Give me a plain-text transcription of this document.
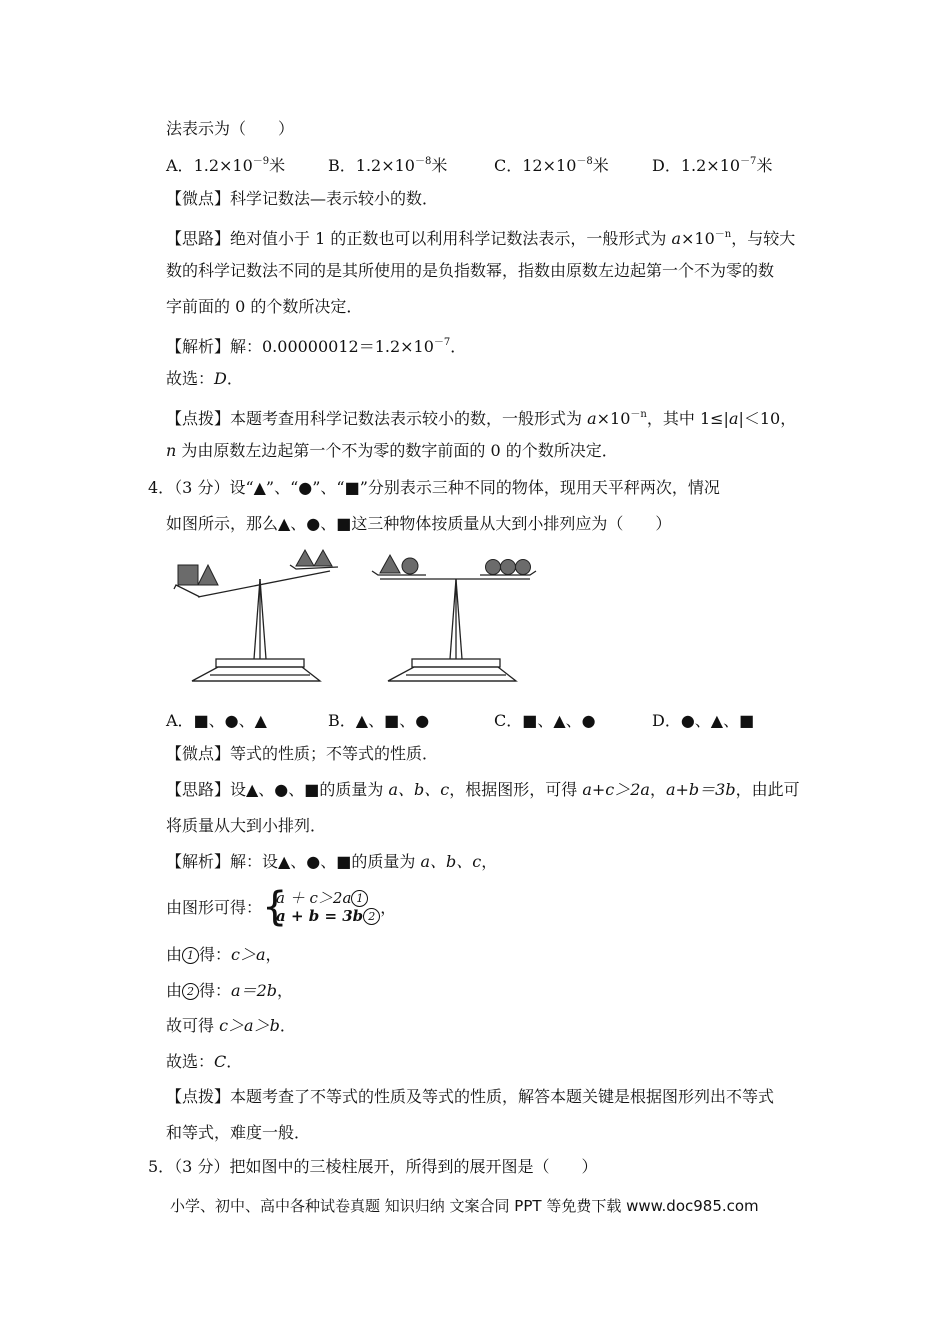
法表示为（　　）
A．$1.2\times 10^{-9}$米	B．$1.2\times 10^{-8}$米	C．$12\times 10^{-8}$米	D．$1.2\times 10^{-7}$米
【微点】科学记数法—表示较小的数．
【思路】绝对值小于 1 的正数也可以利用科学记数法表示，一般形式为 $a\times 10^{-n}$，与较大
数的科学记数法不同的是其所使用的是负指数幂，指数由原数左边起第一个不为零的数
字前面的 0 的个数所决定．
【解析】解：$0.00000012=1.2\times 10^{-7}$．
故选：D．
【点拨】本题考查用科学记数法表示较小的数，一般形式为 $a\times 10^{-n}$，其中 1≤|a|＜10，
n 为由原数左边起第一个不为零的数字前面的 0 的个数所决定．
4．（3 分）设“▲”、“●”、“■”分别表示三种不同的物体，现用天平秤两次，情况
如图所示，那么▲、●、■这三种物体按质量从大到小排列应为（　　）
A．■、●、▲	B．▲、■、●	C．■、▲、●	D．●、▲、■
【微点】等式的性质；不等式的性质．
【思路】设▲、●、■的质量为 a、b、c，根据图形，可得 a+c＞2a，a+b＝3b，由此可
将质量从大到小排列．
【解析】解：设▲、●、■的质量为 a、b、c，
由图形可得： {
a ＋ c＞2a 1
a + b = 3b 2 ，
由 1 得：c＞a，
由 2 得：a＝2b，
故可得 c＞a＞b．
故选：C．
【点拨】本题考查了不等式的性质及等式的性质，解答本题关键是根据图形列出不等式
和等式，难度一般．
5．（3 分）把如图中的三棱柱展开，所得到的展开图是（　　）
小学、初中、高中各种试卷真题 知识归纳 文案合同 PPT 等免费下载 www.doc985.com
